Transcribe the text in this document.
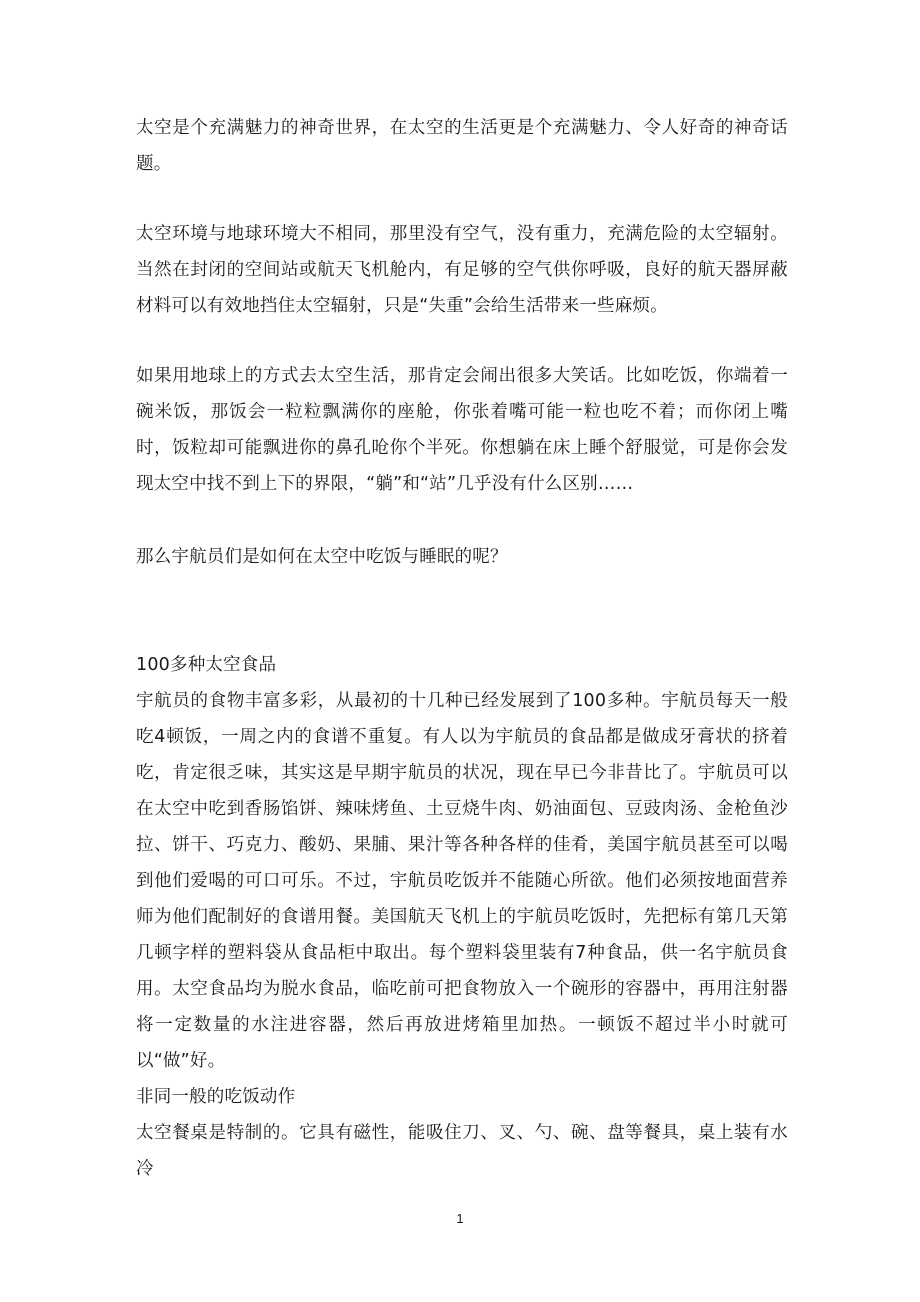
太空是个充满魅力的神奇世界，在太空的生活更是个充满魅力、令人好奇的神奇话题。

太空环境与地球环境大不相同，那里没有空气，没有重力，充满危险的太空辐射。当然在封闭的空间站或航天飞机舱内，有足够的空气供你呼吸，良好的航天器屏蔽材料可以有效地挡住太空辐射，只是“失重”会给生活带来一些麻烦。

如果用地球上的方式去太空生活，那肯定会闹出很多大笑话。比如吃饭，你端着一碗米饭，那饭会一粒粒飘满你的座舱，你张着嘴可能一粒也吃不着；而你闭上嘴时，饭粒却可能飘进你的鼻孔呛你个半死。你想躺在床上睡个舒服觉，可是你会发现太空中找不到上下的界限，“躺”和“站”几乎没有什么区别……

那么宇航员们是如何在太空中吃饭与睡眠的呢？

100多种太空食品

宇航员的食物丰富多彩，从最初的十几种已经发展到了100多种。宇航员每天一般吃4顿饭，一周之内的食谱不重复。有人以为宇航员的食品都是做成牙膏状的挤着吃，肯定很乏味，其实这是早期宇航员的状况，现在早已今非昔比了。宇航员可以在太空中吃到香肠馅饼、辣味烤鱼、土豆烧牛肉、奶油面包、豆豉肉汤、金枪鱼沙拉、饼干、巧克力、酸奶、果脯、果汁等各种各样的佳肴，美国宇航员甚至可以喝到他们爱喝的可口可乐。不过，宇航员吃饭并不能随心所欲。他们必须按地面营养师为他们配制好的食谱用餐。美国航天飞机上的宇航员吃饭时，先把标有第几天第几顿字样的塑料袋从食品柜中取出。每个塑料袋里装有7种食品，供一名宇航员食用。太空食品均为脱水食品，临吃前可把食物放入一个碗形的容器中，再用注射器将一定数量的水注进容器，然后再放进烤箱里加热。一顿饭不超过半小时就可以“做”好。

非同一般的吃饭动作

太空餐桌是特制的。它具有磁性，能吸住刀、叉、勺、碗、盘等餐具，桌上装有水冷

1
